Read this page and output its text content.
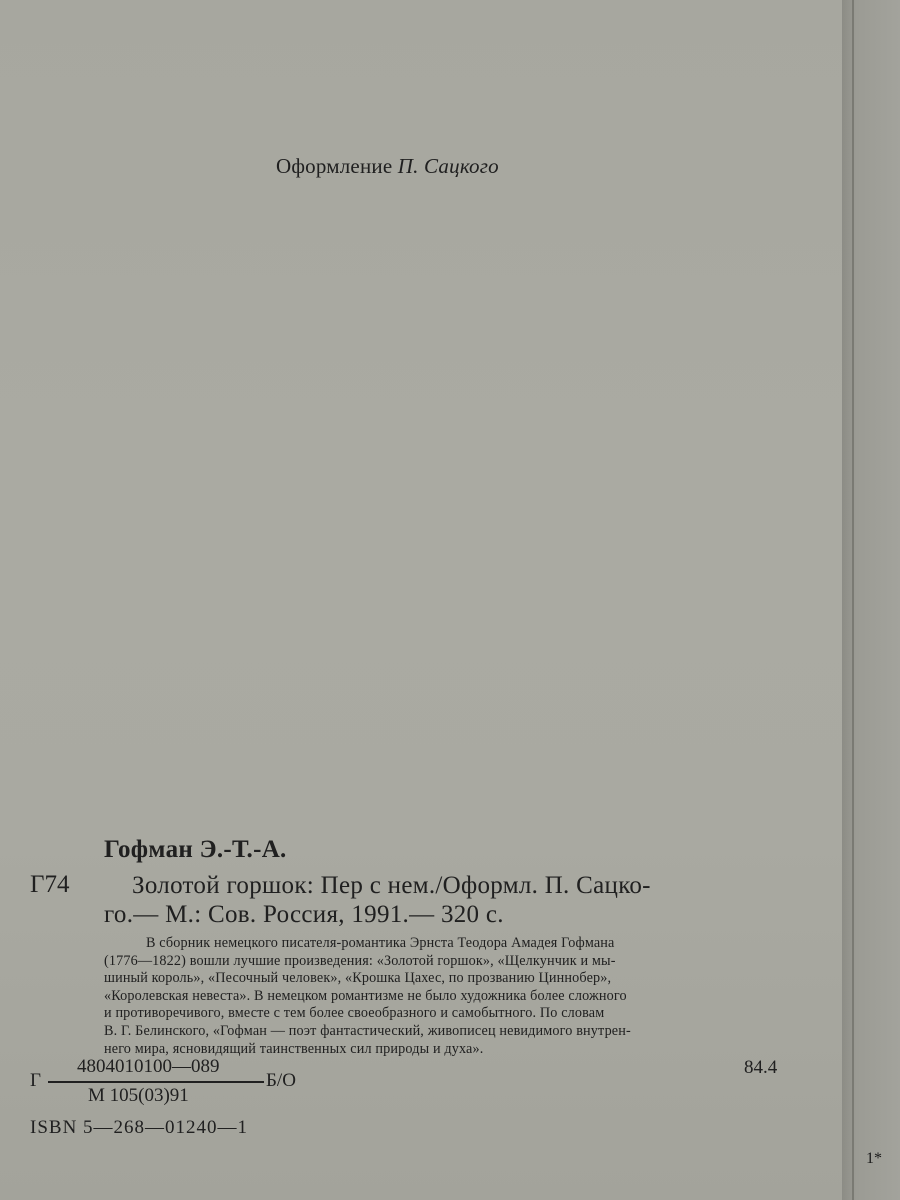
Оформление П. Сацкого
Гофман Э.-Т.-А.
Г74	Золотой горшок: Пер с нем./Оформл. П. Сацко-
го.— М.: Сов. Россия, 1991.— 320 с.
В сборник немецкого писателя-романтика Эрнста Теодора Амадея Гофмана
(1776—1822) вошли лучшие произведения: «Золотой горшок», «Щелкунчик и мы-
шиный король», «Песочный человек», «Крошка Цахес, по прозванию Циннобер»,
«Королевская невеста». В немецком романтизме не было художника более сложного
и противоречивого, вместе с тем более своеобразного и самобытного. По словам
В. Г. Белинского, «Гофман — поэт фантастический, живописец невидимого внутрен-
него мира, ясновидящий таинственных сил природы и духа».
84.4
Г
4804010100—089
М 105(03)91
Б/О
ISBN 5—268—01240—1
1*
